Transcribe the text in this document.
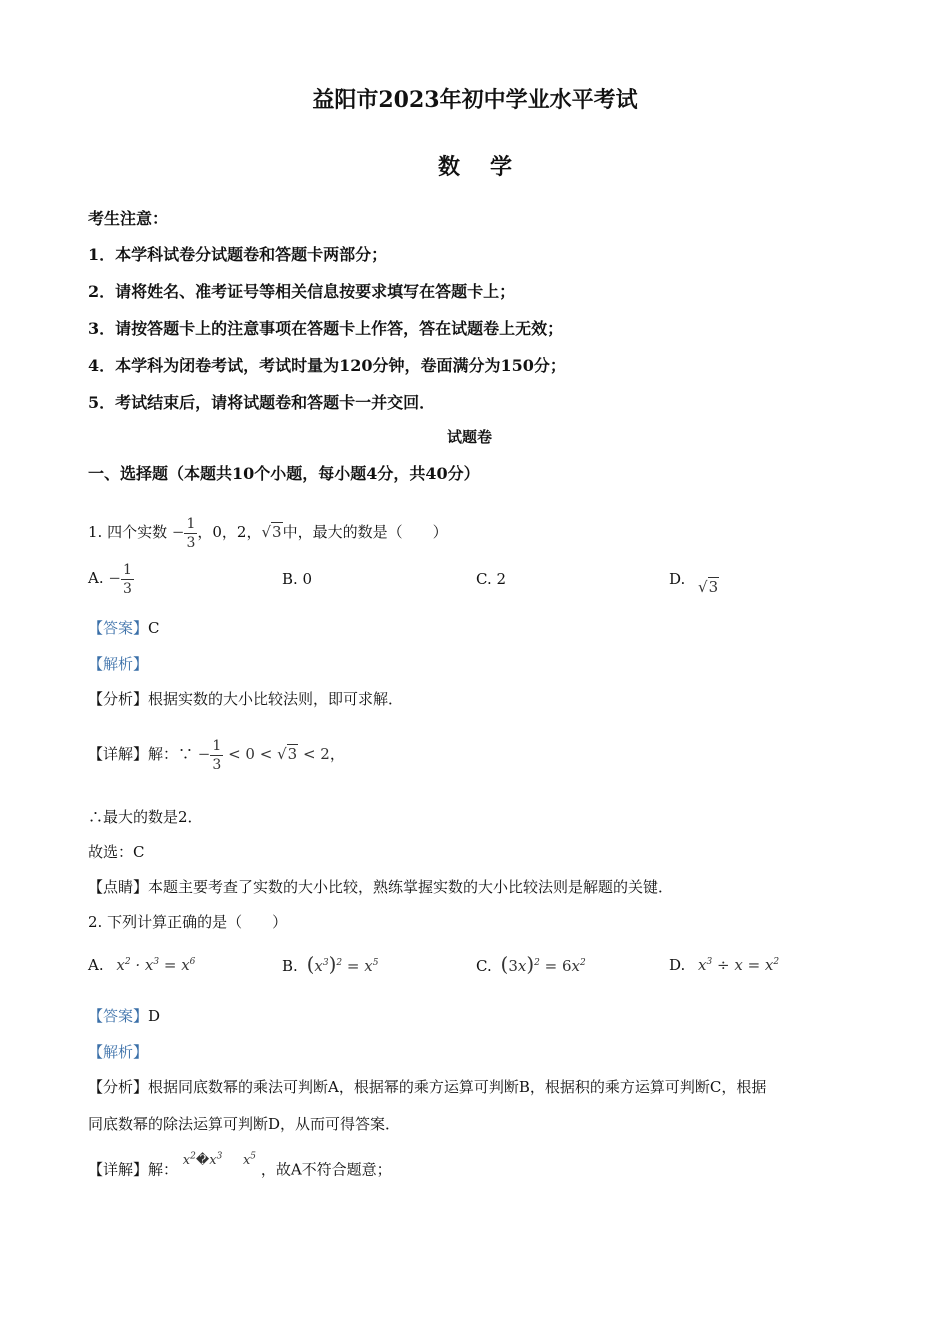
益阳市2023年初中学业水平考试
数学
考生注意：
1．本学科试卷分试题卷和答题卡两部分；
2．请将姓名、准考证号等相关信息按要求填写在答题卡上；
3．请按答题卡上的注意事项在答题卡上作答，答在试题卷上无效；
4．本学科为闭卷考试，考试时量为120分钟，卷面满分为150分；
5．考试结束后，请将试题卷和答题卡一并交回．
试题卷
一、选择题（本题共10个小题，每小题4分，共40分）
1. 四个实数 − $\frac{1}{3}$ ，0，2，√3中，最大的数是（　　）
A. − $\frac{1}{3}$	B. 0	C. 2	D. √3
【答案】C
【解析】
【分析】根据实数的大小比较法则，即可求解．
【详解】解：∵ − $\frac{1}{3} < 0 < √3 < 2$，
∴最大的数是2．
故选：C
【点睛】本题主要考查了实数的大小比较，熟练掌握实数的大小比较法则是解题的关键．
2. 下列计算正确的是（　　）
A. $x^2 \cdot x^3 = x^6$	B. $(x^3)^2 = x^5$	C. $(3x)^2 = 6x^2$	D. $x^3 \div x = x^2$
【答案】D
【解析】
【分析】根据同底数幂的乘法可判断A，根据幂的乘方运算可判断B，根据积的乘方运算可判断C，根据
同底数幂的除法运算可判断D，从而可得答案．
【详解】解： $x^2�x^3$     $x^5$ ，故A不符合题意；
